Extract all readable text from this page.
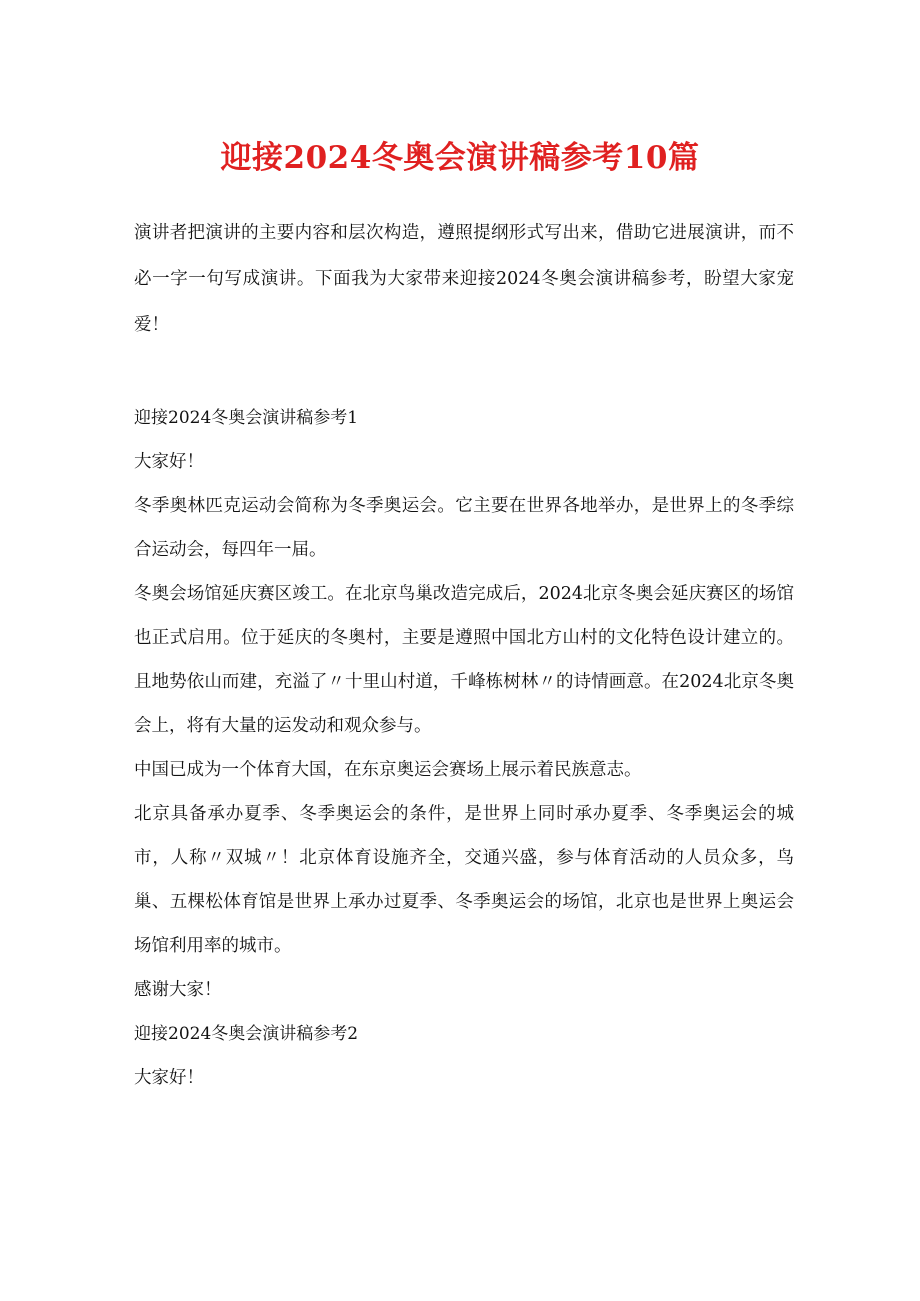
迎接2024冬奥会演讲稿参考10篇

演讲者把演讲的主要内容和层次构造，遵照提纲形式写出来，借助它进展演讲，而不必一字一句写成演讲。下面我为大家带来迎接2024冬奥会演讲稿参考，盼望大家宠爱！

迎接2024冬奥会演讲稿参考1

大家好！

冬季奥林匹克运动会简称为冬季奥运会。它主要在世界各地举办，是世界上的冬季综合运动会，每四年一届。

冬奥会场馆延庆赛区竣工。在北京鸟巢改造完成后，2024北京冬奥会延庆赛区的场馆也正式启用。位于延庆的冬奥村，主要是遵照中国北方山村的文化特色设计建立的。且地势依山而建，充溢了〃十里山村道，千峰栋树林〃的诗情画意。在2024北京冬奥会上，将有大量的运发动和观众参与。

中国已成为一个体育大国，在东京奥运会赛场上展示着民族意志。

北京具备承办夏季、冬季奥运会的条件，是世界上同时承办夏季、冬季奥运会的城市，人称〃双城〃！北京体育设施齐全，交通兴盛，参与体育活动的人员众多，鸟巢、五棵松体育馆是世界上承办过夏季、冬季奥运会的场馆，北京也是世界上奥运会场馆利用率的城市。

感谢大家！

迎接2024冬奥会演讲稿参考2

大家好！
